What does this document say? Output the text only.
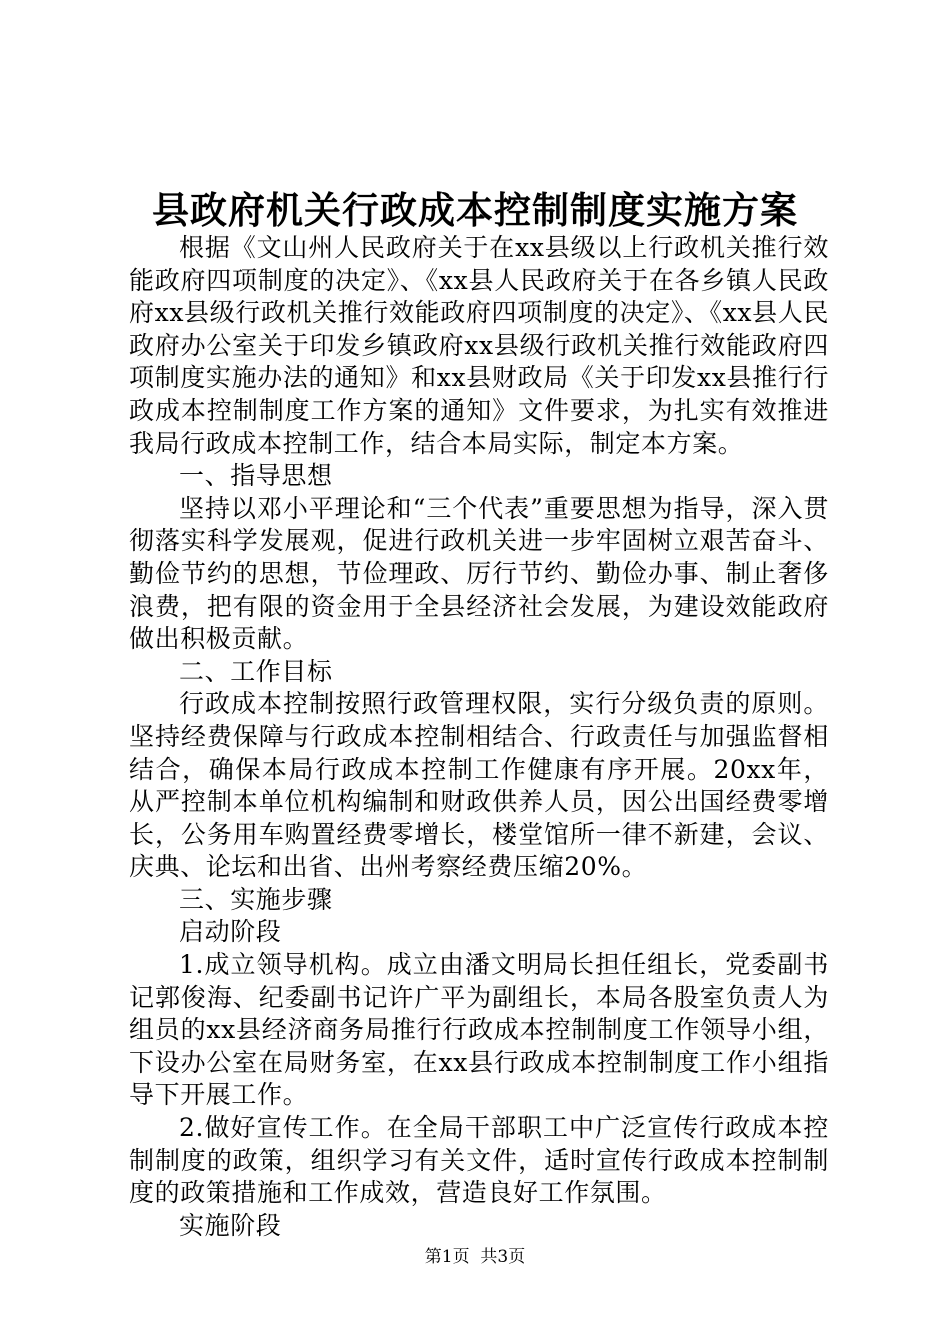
县政府机关行政成本控制制度实施方案

根据《文山州人民政府关于在xx县级以上行政机关推行效能政府四项制度的决定》、《xx县人民政府关于在各乡镇人民政府xx县级行政机关推行效能政府四项制度的决定》、《xx县人民政府办公室关于印发乡镇政府xx县级行政机关推行效能政府四项制度实施办法的通知》和xx县财政局《关于印发xx县推行行政成本控制制度工作方案的通知》文件要求，为扎实有效推进我局行政成本控制工作，结合本局实际，制定本方案。

一、指导思想

坚持以邓小平理论和“三个代表”重要思想为指导，深入贯彻落实科学发展观，促进行政机关进一步牢固树立艰苦奋斗、勤俭节约的思想，节俭理政、厉行节约、勤俭办事、制止奢侈浪费，把有限的资金用于全县经济社会发展，为建设效能政府做出积极贡献。

二、工作目标

行政成本控制按照行政管理权限，实行分级负责的原则。坚持经费保障与行政成本控制相结合、行政责任与加强监督相结合，确保本局行政成本控制工作健康有序开展。20xx年，从严控制本单位机构编制和财政供养人员，因公出国经费零增长，公务用车购置经费零增长，楼堂馆所一律不新建，会议、庆典、论坛和出省、出州考察经费压缩20%。

三、实施步骤

启动阶段

1.成立领导机构。成立由潘文明局长担任组长，党委副书记郭俊海、纪委副书记许广平为副组长，本局各股室负责人为组员的xx县经济商务局推行行政成本控制制度工作领导小组，下设办公室在局财务室，在xx县行政成本控制制度工作小组指导下开展工作。

2.做好宣传工作。在全局干部职工中广泛宣传行政成本控制制度的政策，组织学习有关文件，适时宣传行政成本控制制度的政策措施和工作成效，营造良好工作氛围。

实施阶段

第1页 共3页
